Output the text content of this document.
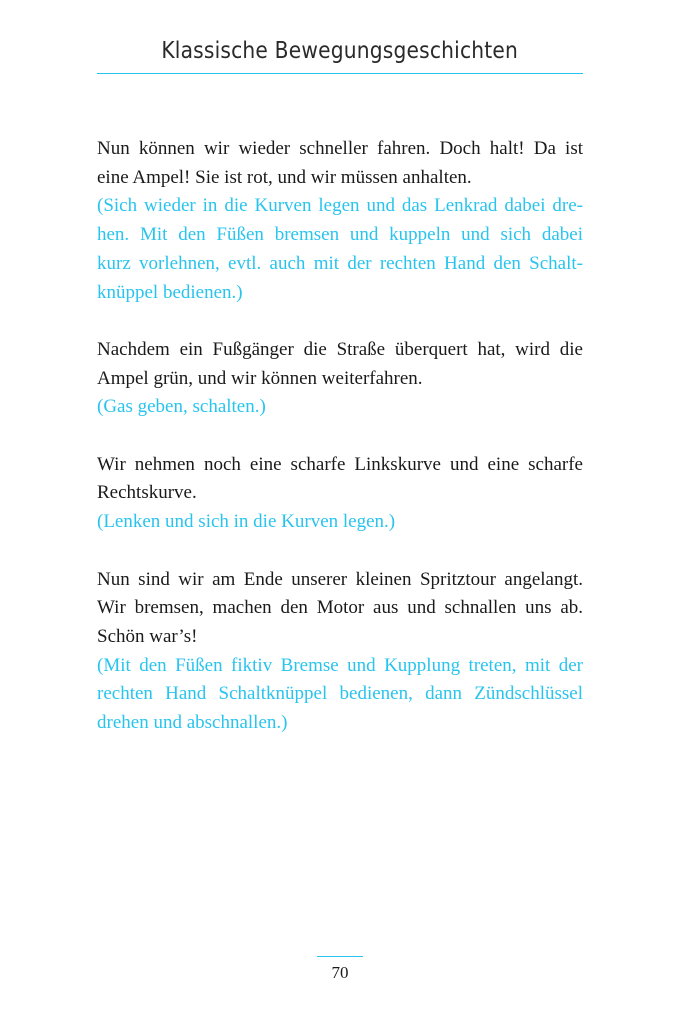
Klassische Bewegungsgeschichten
Nun können wir wieder schneller fahren. Doch halt! Da ist
eine Ampel! Sie ist rot, und wir müssen anhalten.
(Sich wieder in die Kurven legen und das Lenkrad dabei dre-
hen. Mit den Füßen bremsen und kuppeln und sich dabei
kurz vorlehnen, evtl. auch mit der rechten Hand den Schalt-
knüppel bedienen.)
Nachdem ein Fußgänger die Straße überquert hat, wird die
Ampel grün, und wir können weiterfahren.
(Gas geben, schalten.)
Wir nehmen noch eine scharfe Linkskurve und eine scharfe
Rechtskurve.
(Lenken und sich in die Kurven legen.)
Nun sind wir am Ende unserer kleinen Spritztour angelangt.
Wir bremsen, machen den Motor aus und schnallen uns ab.
Schön war’s!
(Mit den Füßen fiktiv Bremse und Kupplung treten, mit der
rechten Hand Schaltknüppel bedienen, dann Zündschlüssel
drehen und abschnallen.)
70
